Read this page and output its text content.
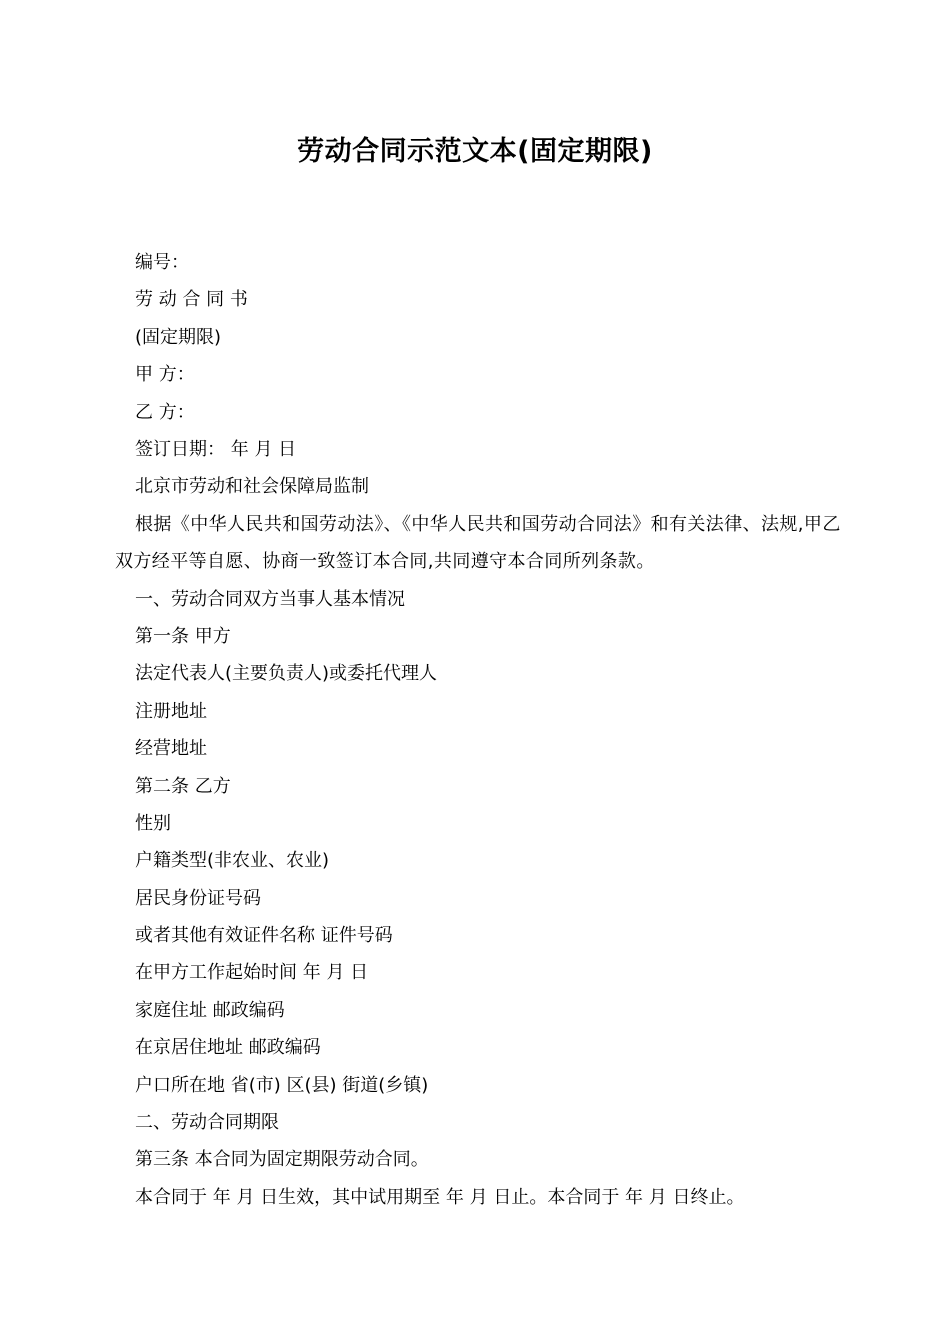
劳动合同示范文本(固定期限)
编号：
劳 动 合 同 书
(固定期限)
甲 方：
乙 方：
签订日期： 年 月 日
北京市劳动和社会保障局监制
根据《中华人民共和国劳动法》、《中华人民共和国劳动合同法》和有关法律、法规,甲乙双方经平等自愿、协商一致签订本合同,共同遵守本合同所列条款。
一、劳动合同双方当事人基本情况
第一条 甲方
法定代表人(主要负责人)或委托代理人
注册地址
经营地址
第二条 乙方
性别
户籍类型(非农业、农业)
居民身份证号码
或者其他有效证件名称 证件号码
在甲方工作起始时间 年 月 日
家庭住址 邮政编码
在京居住地址 邮政编码
户口所在地 省(市) 区(县) 街道(乡镇)
二、劳动合同期限
第三条 本合同为固定期限劳动合同。
本合同于 年 月 日生效，其中试用期至 年 月 日止。本合同于 年 月 日终止。
